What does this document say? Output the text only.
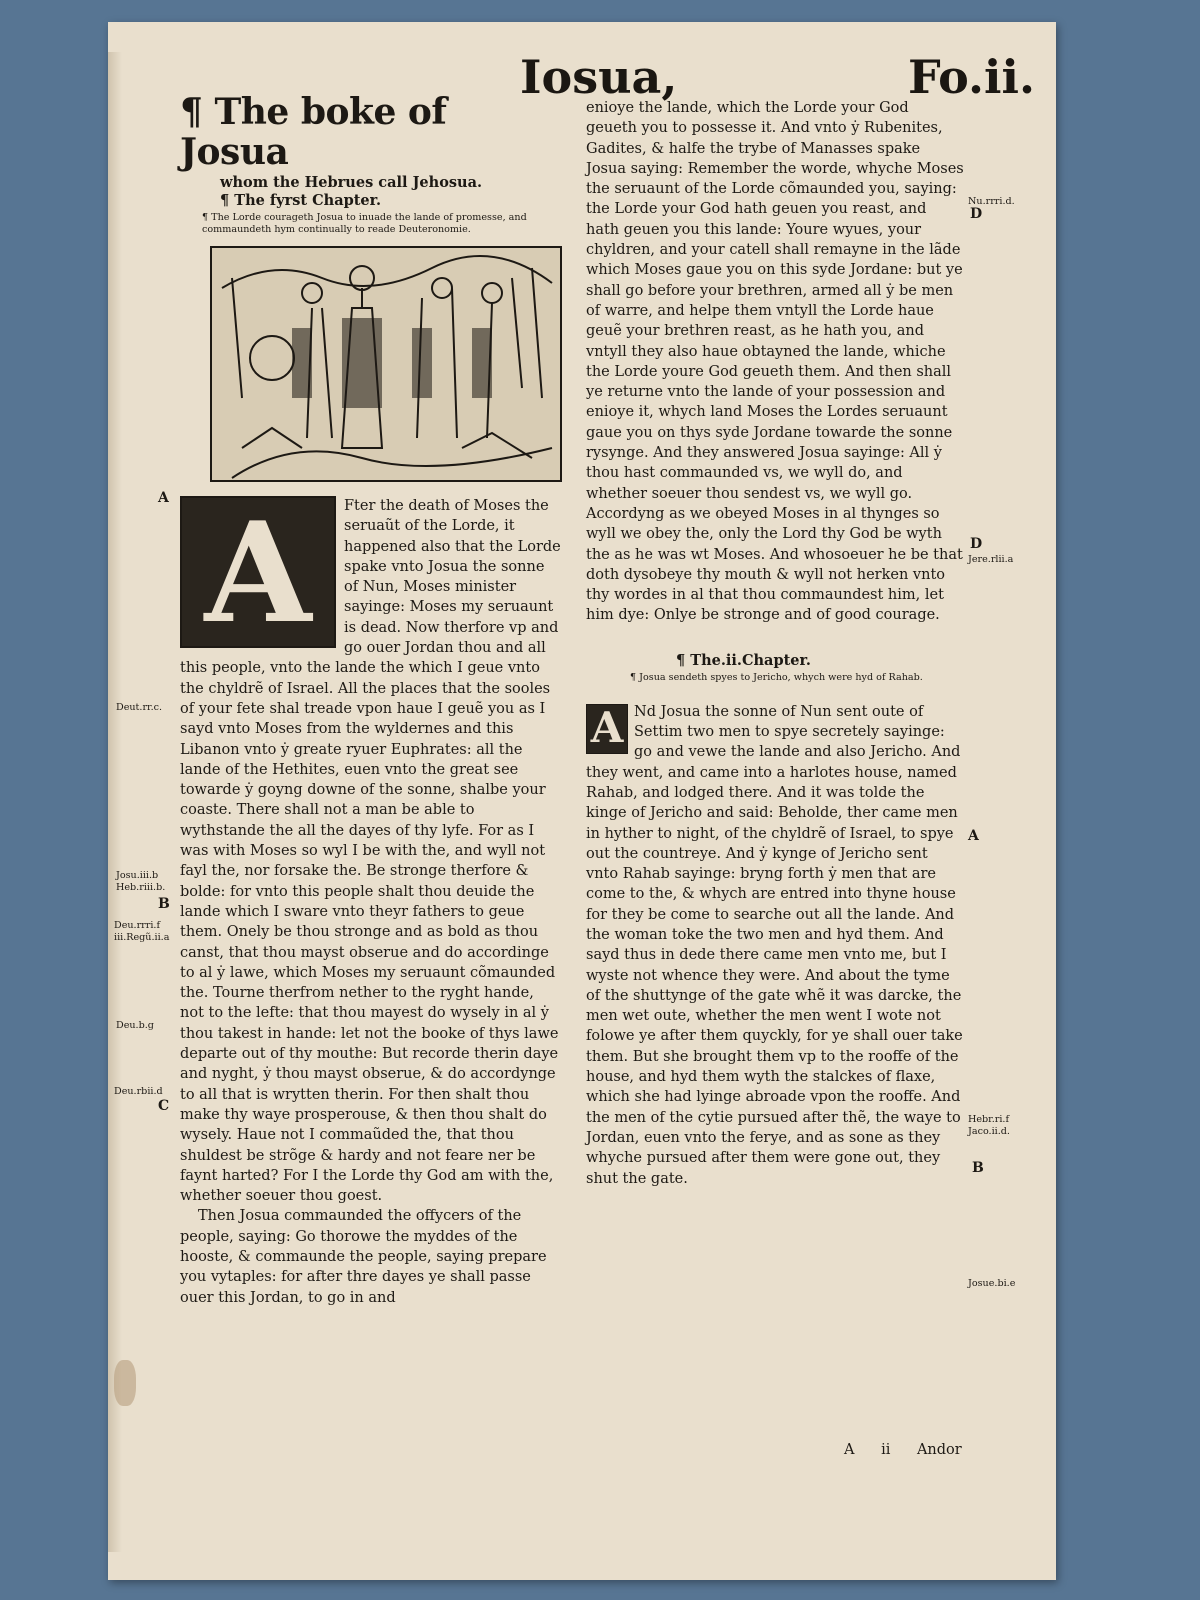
Iosua,	Fo.ii.
¶ The boke of Josua
whom the Hebrues call Jehosua.
¶ The fyrst Chapter.
¶ The Lorde courageth Josua to inuade the lande of promesse, and commaundeth hym continually to reade Deuteronomie.
A	Fter the death of Moses the seruaũt of the Lorde, it happened also that the Lorde spake vnto Josua the sonne of Nun, Moses minister sayinge: Moses my seruaunt is dead. Now therfore vp and go ouer Jordan thou and all this people, vnto the lande the which I geue vnto the chyldrẽ of Israel. All the places that the sooles of your fete shal treade vpon haue I geuẽ you as I sayd vnto Moses from the wyldernes and this Libanon vnto ẏ greate ryuer Euphrates: all the lande of the Hethites, euen vnto the great see towarde ẏ goyng downe of the sonne, shalbe your coaste. There shall not a man be able to wythstande the all the dayes of thy lyfe. For as I was with Moses so wyl I be with the, and wyll not fayl the, nor forsake the. Be stronge therfore & bolde: for vnto this people shalt thou deuide the lande which I sware vnto theyr fathers to geue them. Onely be thou stronge and as bold as thou canst, that thou mayst obserue and do accordinge to al ẏ lawe, which Moses my seruaunt cõmaunded the. Tourne therfrom nether to the ryght hande, not to the lefte: that thou mayest do wysely in al ẏ thou takest in hande: let not the booke of thys lawe departe out of thy mouthe: But recorde therin daye and nyght, ẏ thou mayst obserue, & do accordynge to all that is wrytten therin. For then shalt thou make thy waye prosperouse, & then thou shalt do wysely. Haue not I commaũded the, that thou shuldest be strõge & hardy and not feare ner be faynt harted? For I the Lorde thy God am with the, whether soeuer thou goest.

Then Josua commaunded the offycers of the people, saying: Go thorowe the myddes of the hooste, & commaunde the people, saying prepare you vytaples: for after thre dayes ye shall passe ouer this Jordan, to go in and

enioye the lande, which the Lorde your God geueth you to possesse it. And vnto ẏ Rubenites, Gadites, & halfe the trybe of Manasses spake Josua saying: Remember the worde, whyche Moses the seruaunt of the Lorde cõmaunded you, saying: the Lorde your God hath geuen you reast, and hath geuen you this lande: Youre wyues, your chyldren, and your catell shall remayne in the lãde which Moses gaue you on this syde Jordane: but ye shall go before your brethren, armed all ẏ be men of warre, and helpe them vntyll the Lorde haue geuẽ your brethren reast, as he hath you, and vntyll they also haue obtayned the lande, whiche the Lorde youre God geueth them. And then shall ye returne vnto the lande of your possession and enioye it, whych land Moses the Lordes seruaunt gaue you on thys syde Jordane towarde the sonne rysynge. And they answered Josua sayinge: All ẏ thou hast commaunded vs, we wyll do, and whether soeuer thou sendest vs, we wyll go. Accordyng as we obeyed Moses in al thynges so wyll we obey the, only the Lord thy God be wyth the as he was wt Moses. And whosoeuer he be that doth dysobeye thy mouth & wyll not herken vnto thy wordes in al that thou commaundest him, let him dye: Onlye be stronge and of good courage.

¶ The.ii.Chapter.
¶ Josua sendeth spyes to Jericho, whych were hyd of Rahab.
A Nd Josua the sonne of Nun sent oute of Settim two men to spye secretely sayinge: go and vewe the lande and also Jericho. And they went, and came into a harlotes house, named Rahab, and lodged there. And it was tolde the kinge of Jericho and said: Beholde, ther came men in hyther to night, of the chyldrẽ of Israel, to spye out the countreye. And ẏ kynge of Jericho sent vnto Rahab sayinge: bryng forth ẏ men that are come to the, & whych are entred into thyne house for they be come to searche out all the lande. And the woman toke the two men and hyd them. And sayd thus in dede there came men vnto me, but I wyste not whence they were. And about the tyme of the shuttynge of the gate whẽ it was darcke, the men wet oute, whether the men went I wote not folowe ye after them quyckly, for ye shall ouer take them. But she brought them vp to the rooffe of the house, and hyd them wyth the stalckes of flaxe, which she had lyinge abroade vpon the rooffe. And the men of the cytie pursued after thẽ, the waye to Jordan, euen vnto the ferye, and as sone as they whyche pursued after them were gone out, they shut the gate.

A
Deut.rr.c.
Josu.iii.b
Heb.riii.b.
B
Deu.rrri.f
iii.Regũ.ii.a
Deu.b.g
Deu.rbii.d
C
Nu.rrri.d.
D
D
Jere.rlii.a
A
Hebr.ri.f
Jaco.ii.d.
B
Josue.bi.e
A ii Andor
